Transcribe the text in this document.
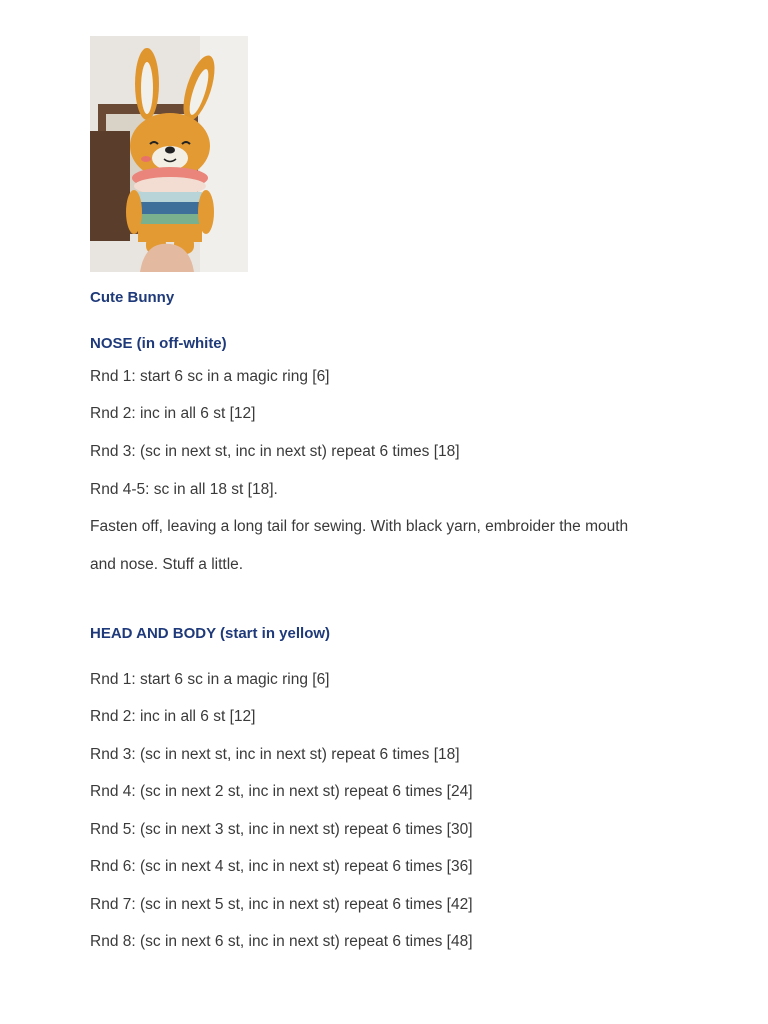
Cute Bunny
NOSE (in off-white)

Rnd 1: start 6 sc in a magic ring [6]

Rnd 2: inc in all 6 st [12]

Rnd 3: (sc in next st, inc in next st) repeat 6 times [18]

Rnd 4-5: sc in all 18 st [18].

Fasten off, leaving a long tail for sewing. With black yarn, embroider the mouth

and nose. Stuff a little.

HEAD AND BODY (start in yellow)

Rnd 1: start 6 sc in a magic ring [6]

Rnd 2: inc in all 6 st [12]

Rnd 3: (sc in next st, inc in next st) repeat 6 times [18]

Rnd 4: (sc in next 2 st, inc in next st) repeat 6 times [24]

Rnd 5: (sc in next 3 st, inc in next st) repeat 6 times [30]

Rnd 6: (sc in next 4 st, inc in next st) repeat 6 times [36]

Rnd 7: (sc in next 5 st, inc in next st) repeat 6 times [42]

Rnd 8: (sc in next 6 st, inc in next st) repeat 6 times [48]
